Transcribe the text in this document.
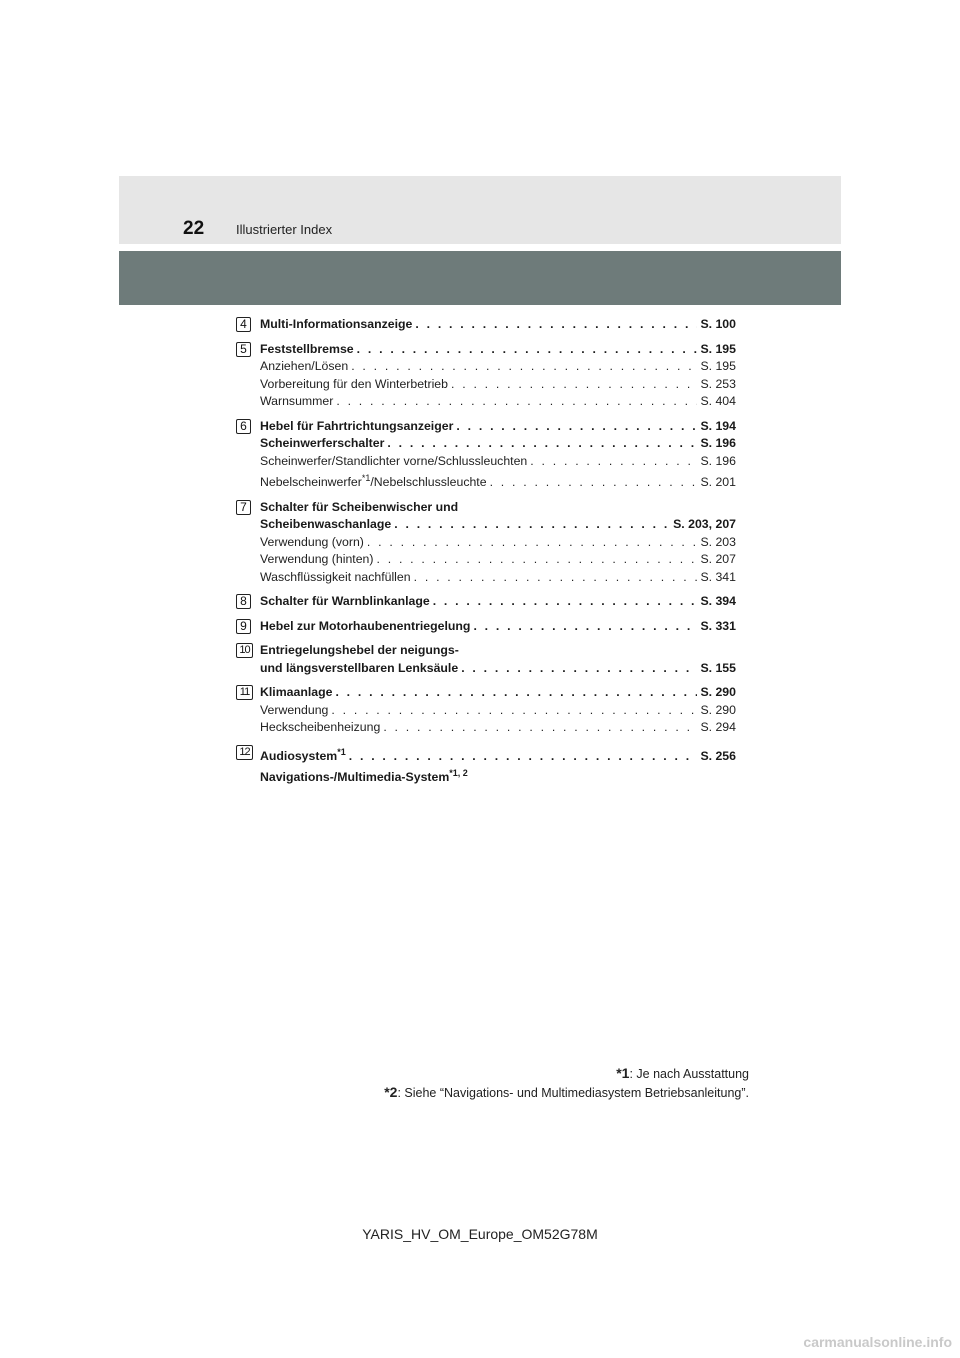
22 Illustrierter Index
4	Multi-Informationsanzeige . . .	S. 100
5	Feststellbremse . . .	S. 195
Anziehen/Lösen . . .	S. 195
Vorbereitung für den Winterbetrieb . . .	S. 253
Warnsummer . . .	S. 404
6	Hebel für Fahrtrichtungsanzeiger . . .	S. 194
Scheinwerferschalter . . .	S. 196
Scheinwerfer/Standlichter vorne/Schlussleuchten . . .	S. 196
Nebelscheinwerfer$^{*1}$/Nebelschlussleuchte . . .	S. 201
7	Schalter für Scheibenwischer und
Scheibenwaschanlage . . .	S. 203, 207
Verwendung (vorn) . . .	S. 203
Verwendung (hinten) . . .	S. 207
Waschflüssigkeit nachfüllen . . .	S. 341
8	Schalter für Warnblinkanlage . . .	S. 394
9	Hebel zur Motorhaubenentriegelung . . .	S. 331
10 Entriegelungshebel der neigungs-
und längsverstellbaren Lenksäule . . .	S. 155
11 Klimaanlage . . .	S. 290
Verwendung . . .	S. 290
Heckscheibenheizung . . .	S. 294
12 Audiosystem$^{*1}$ . . .	S. 256
Navigations-/Multimedia-System$^{*1, 2}$
*1: Je nach Ausstattung
*2: Siehe “Navigations- und Multimediasystem Betriebsanleitung”.
YARIS_HV_OM_Europe_OM52G78M
carmanualsonline.info
